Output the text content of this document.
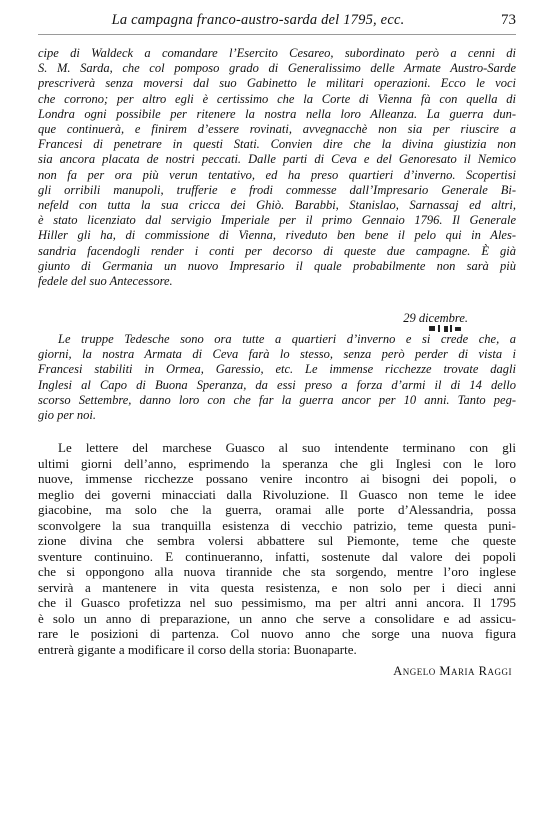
La campagna franco-austro-sarda del 1795, ecc.	73
cipe di Waldeck a comandare l’Esercito Cesareo, subordinato però a cenni di
S. M. Sarda, che col pomposo grado di Generalissimo delle Armate Austro-Sarde
prescriverà senza moversi dal suo Gabinetto le militari operazioni. Ecco le voci
che corrono; per altro egli è certissimo che la Corte di Vienna fà con quella di
Londra ogni possibile per ritenere la nostra nella loro Alleanza. La guerra dun-
que continuerà, e finirem d’essere rovinati, avvegnacchè non sia per riuscire a
Francesi di penetrare in questi Stati. Convien dire che la divina giustizia non
sia ancora placata de nostri peccati. Dalle parti di Ceva e del Genoresato il Nemico
non fa per ora più verun tentativo, ed ha preso quartieri d’inverno. Scopertisi
gli orribili manupoli, trufferie e frodi commesse dall’Impresario Generale Bi-
nefeld con tutta la sua cricca dei Ghiò. Barabbi, Stanislao, Sarnassaj ed altri,
è stato licenziato dal servigio Imperiale per il primo Gennaio 1796. Il Generale
Hiller gli ha, di commissione di Vienna, riveduto ben bene il pelo qui in Ales-
sandria facendogli render i conti per decorso di queste due campagne. È già
giunto di Germania un nuovo Impresario il quale probabilmente non sarà più
fedele del suo Antecessore.
29 dicembre.
Le truppe Tedesche sono ora tutte a quartieri d’inverno e si crede che, a
giorni, la nostra Armata di Ceva farà lo stesso, senza però perder di vista i
Francesi stabiliti in Ormea, Garessio, etc. Le immense ricchezze trovate dagli
Inglesi al Capo di Buona Speranza, da essi preso a forza d’armi il di 14 dello
scorso Settembre, danno loro con che far la guerra ancor per 10 anni. Tanto peg-
gio per noi.
Le lettere del marchese Guasco al suo intendente terminano con gli
ultimi giorni dell’anno, esprimendo la speranza che gli Inglesi con le loro
nuove, immense ricchezze possano venire incontro ai bisogni dei popoli, o
meglio dei governi minacciati dalla Rivoluzione. Il Guasco non teme le idee
giacobine, ma solo che la guerra, oramai alle porte d’Alessandria, possa
sconvolgere la sua tranquilla esistenza di vecchio patrizio, teme questa puni-
zione divina che sembra volersi abbattere sul Piemonte, teme che queste
sventure continuino. E continueranno, infatti, sostenute dal valore dei popoli
che si oppongono alla nuova tirannide che sta sorgendo, mentre l’oro inglese
servirà a mantenere in vita questa resistenza, e non solo per i dieci anni
che il Guasco profetizza nel suo pessimismo, ma per altri anni ancora. Il 1795
è solo un anno di preparazione, un anno che serve a consolidare e ad assicu-
rare le posizioni di partenza. Col nuovo anno che sorge una nuova figura
entrerà gigante a modificare il corso della storia: Buonaparte.
Angelo Maria Raggi
